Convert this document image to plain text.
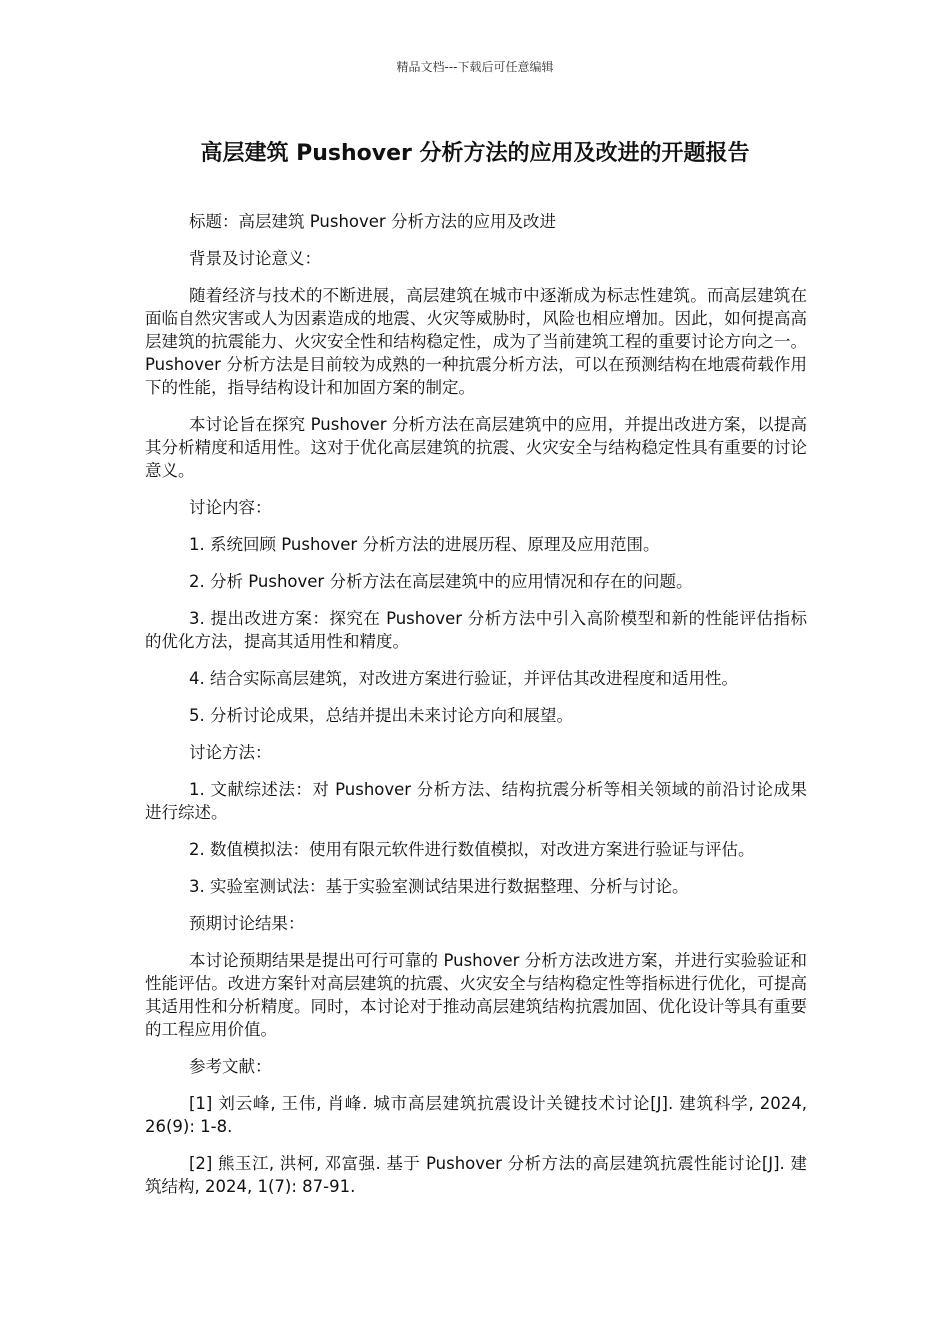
精品文档---下载后可任意编辑
高层建筑 Pushover 分析方法的应用及改进的开题报告

标题：高层建筑 Pushover 分析方法的应用及改进

背景及讨论意义：

随着经济与技术的不断进展，高层建筑在城市中逐渐成为标志性建筑。而高层建筑在面临自然灾害或人为因素造成的地震、火灾等威胁时，风险也相应增加。因此，如何提高高层建筑的抗震能力、火灾安全性和结构稳定性，成为了当前建筑工程的重要讨论方向之一。Pushover 分析方法是目前较为成熟的一种抗震分析方法，可以在预测结构在地震荷载作用下的性能，指导结构设计和加固方案的制定。

本讨论旨在探究 Pushover 分析方法在高层建筑中的应用，并提出改进方案，以提高其分析精度和适用性。这对于优化高层建筑的抗震、火灾安全与结构稳定性具有重要的讨论意义。

讨论内容：

1. 系统回顾 Pushover 分析方法的进展历程、原理及应用范围。

2. 分析 Pushover 分析方法在高层建筑中的应用情况和存在的问题。

3. 提出改进方案：探究在 Pushover 分析方法中引入高阶模型和新的性能评估指标的优化方法，提高其适用性和精度。

4. 结合实际高层建筑，对改进方案进行验证，并评估其改进程度和适用性。

5. 分析讨论成果，总结并提出未来讨论方向和展望。

讨论方法：

1. 文献综述法：对 Pushover 分析方法、结构抗震分析等相关领域的前沿讨论成果进行综述。

2. 数值模拟法：使用有限元软件进行数值模拟，对改进方案进行验证与评估。

3. 实验室测试法：基于实验室测试结果进行数据整理、分析与讨论。

预期讨论结果：

本讨论预期结果是提出可行可靠的 Pushover 分析方法改进方案，并进行实验验证和性能评估。改进方案针对高层建筑的抗震、火灾安全与结构稳定性等指标进行优化，可提高其适用性和分析精度。同时，本讨论对于推动高层建筑结构抗震加固、优化设计等具有重要的工程应用价值。

参考文献：

[1] 刘云峰, 王伟, 肖峰. 城市高层建筑抗震设计关键技术讨论[J]. 建筑科学, 2024, 26(9): 1-8.

[2] 熊玉江, 洪柯, 邓富强. 基于 Pushover 分析方法的高层建筑抗震性能讨论[J]. 建筑结构, 2024, 1(7): 87-91.
